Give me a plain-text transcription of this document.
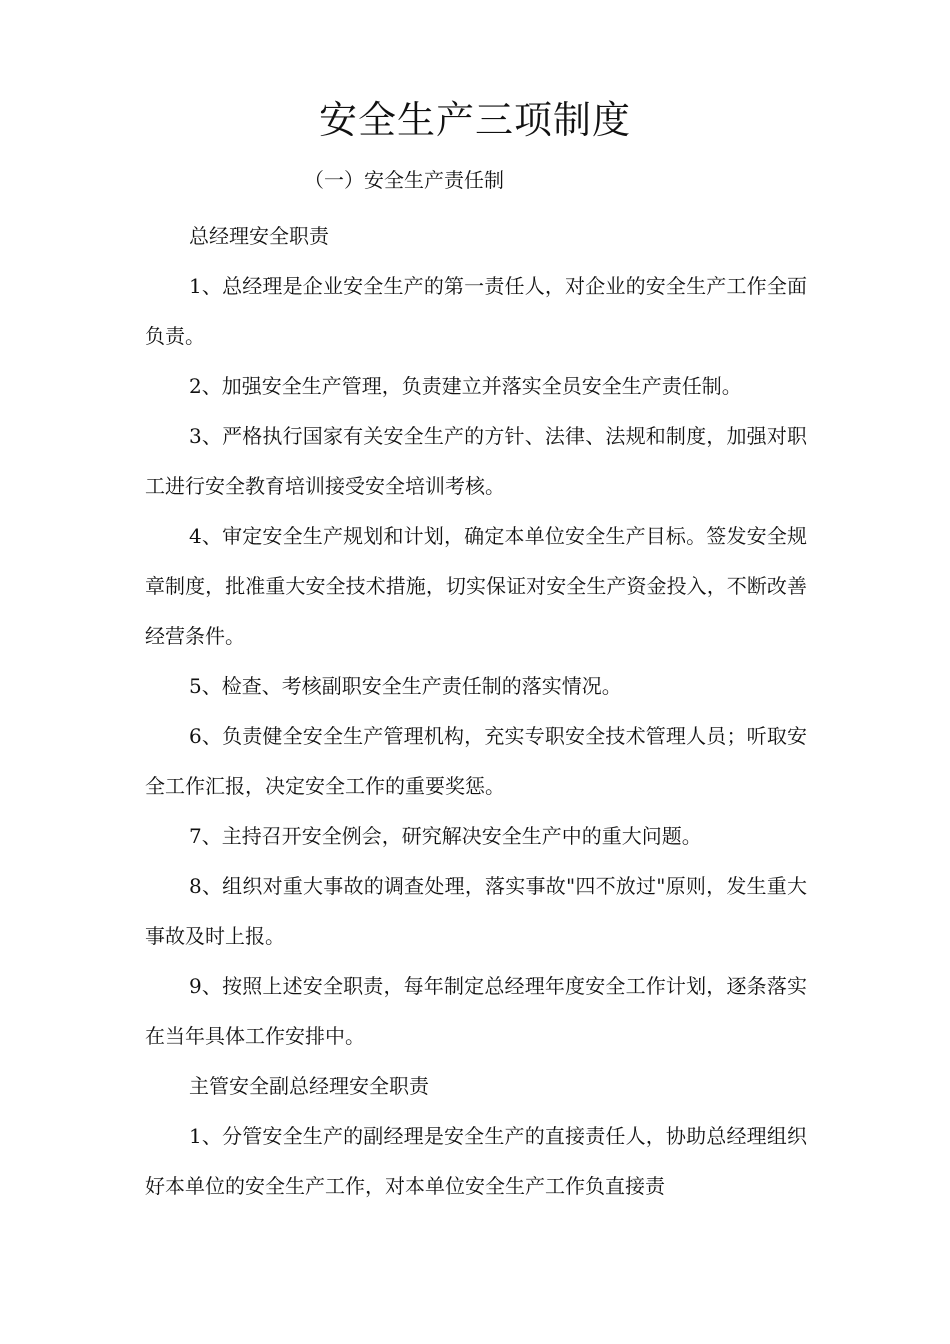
安全生产三项制度
（一）安全生产责任制

总经理安全职责

1、总经理是企业安全生产的第一责任人，对企业的安全生产工作全面负责。

2、加强安全生产管理，负责建立并落实全员安全生产责任制。

3、严格执行国家有关安全生产的方针、法律、法规和制度，加强对职工进行安全教育培训接受安全培训考核。

4、审定安全生产规划和计划，确定本单位安全生产目标。签发安全规章制度，批准重大安全技术措施，切实保证对安全生产资金投入，不断改善经营条件。

5、检查、考核副职安全生产责任制的落实情况。

6、负责健全安全生产管理机构，充实专职安全技术管理人员；听取安全工作汇报，决定安全工作的重要奖惩。

7、主持召开安全例会，研究解决安全生产中的重大问题。

8、组织对重大事故的调查处理，落实事故"四不放过"原则，发生重大事故及时上报。

9、按照上述安全职责，每年制定总经理年度安全工作计划，逐条落实在当年具体工作安排中。

主管安全副总经理安全职责

1、分管安全生产的副经理是安全生产的直接责任人，协助总经理组织好本单位的安全生产工作，对本单位安全生产工作负直接责
